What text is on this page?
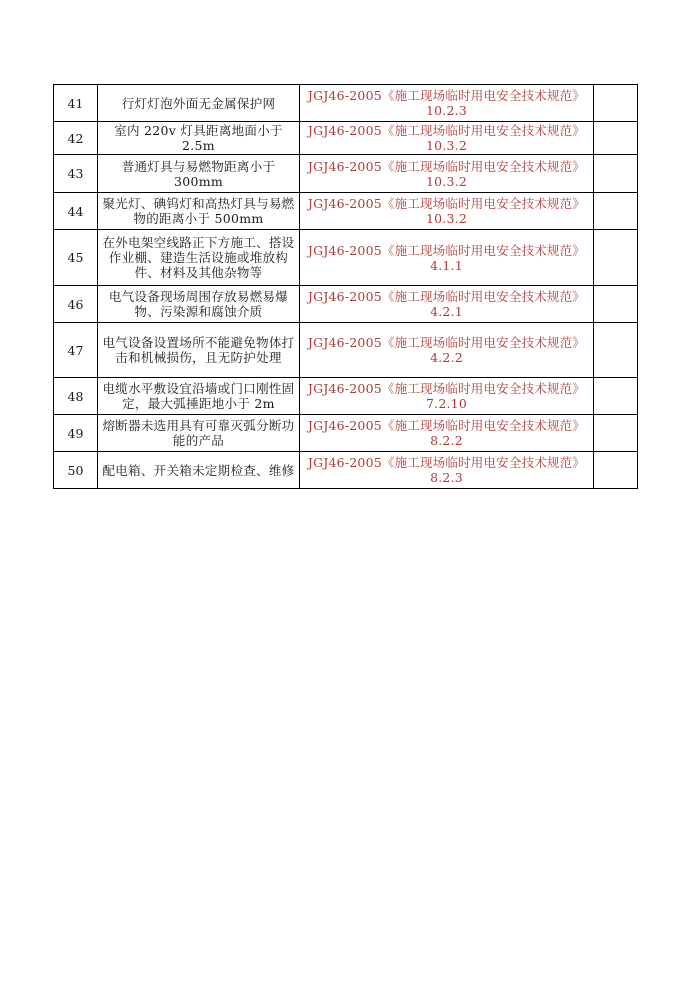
41	行灯灯泡外面无金属保护网	JGJ46-2005《施工现场临时用电安全技术规范》
10.2.3	

42	室内 220v 灯具距离地面小于 2.5m	JGJ46-2005《施工现场临时用电安全技术规范》
10.3.2	

43	普通灯具与易燃物距离小于 300mm	JGJ46-2005《施工现场临时用电安全技术规范》
10.3.2	

44	聚光灯、碘钨灯和高热灯具与易燃物的距离小于 500mm	JGJ46-2005《施工现场临时用电安全技术规范》
10.3.2	

45	在外电架空线路正下方施工、搭设作业棚、建造生活设施或堆放构件、材料及其他杂物等	JGJ46-2005《施工现场临时用电安全技术规范》
4.1.1	

46	电气设备现场周围存放易燃易爆物、污染源和腐蚀介质	JGJ46-2005《施工现场临时用电安全技术规范》
4.2.1	

47	电气设备设置场所不能避免物体打击和机械损伤，且无防护处理	JGJ46-2005《施工现场临时用电安全技术规范》
4.2.2	

48	电缆水平敷设宜沿墙或门口刚性固定，最大弧捶距地小于 2m	JGJ46-2005《施工现场临时用电安全技术规范》
7.2.10	

49	熔断器未选用具有可靠灭弧分断功能的产品	JGJ46-2005《施工现场临时用电安全技术规范》
8.2.2	

50	配电箱、开关箱未定期检查、维修	JGJ46-2005《施工现场临时用电安全技术规范》
8.2.3	
